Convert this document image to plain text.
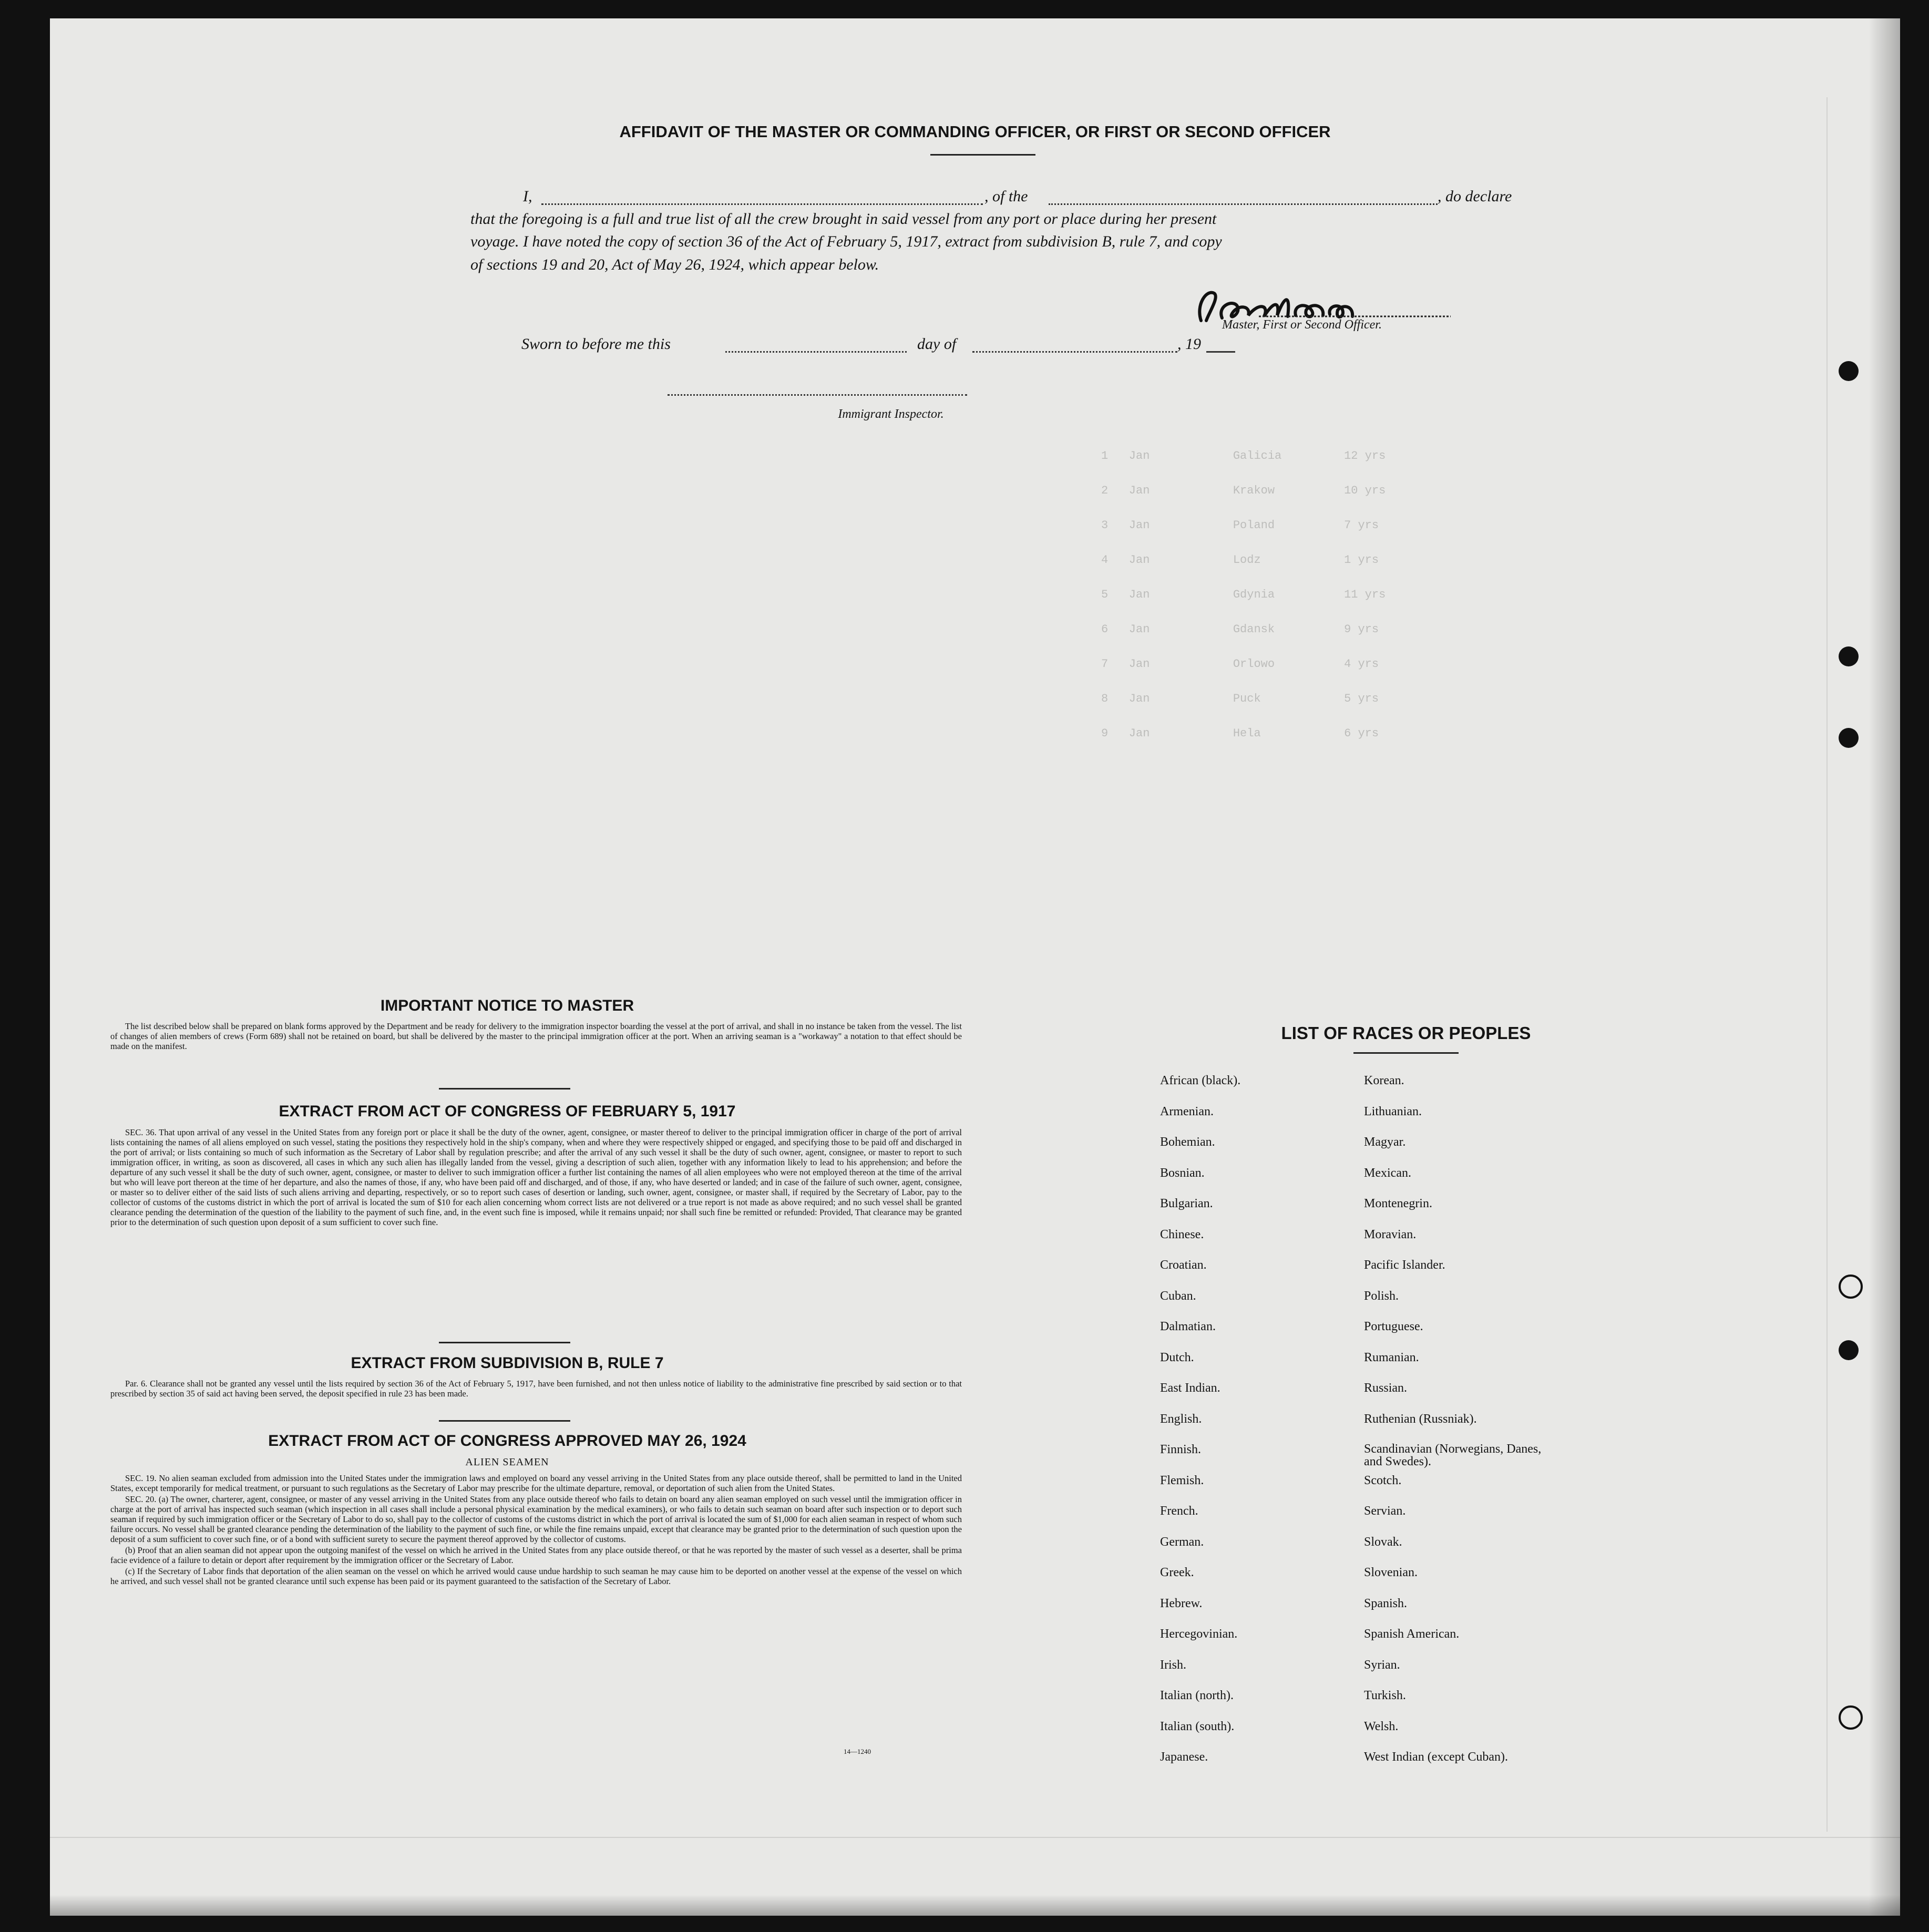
1   Jan            Galicia         12 yrs
2   Jan            Krakow          10 yrs
3   Jan            Poland          7 yrs
4   Jan            Lodz            1 yrs
5   Jan            Gdynia          11 yrs
6   Jan            Gdansk          9 yrs
7   Jan            Orlowo          4 yrs
8   Jan            Puck            5 yrs
9   Jan            Hela            6 yrs
AFFIDAVIT OF THE MASTER OR COMMANDING OFFICER, OR FIRST OR SECOND OFFICER
I,	, of the	, do declare
that the foregoing is a full and true list of all the crew brought in said vessel from any port or place during her present
voyage. I have noted the copy of section 36 of the Act of February 5, 1917, extract from subdivision B, rule 7, and copy
of sections 19 and 20, Act of May 26, 1924, which appear below.
Master, First or Second Officer.
Sworn to before me this	day of	, 19
Immigrant Inspector.
IMPORTANT NOTICE TO MASTER

The list described below shall be prepared on blank forms approved by the Department and be ready for delivery to the immigration inspector boarding the vessel at the port of arrival, and shall in no instance be taken from the vessel. The list of changes of alien members of crews (Form 689) shall not be retained on board, but shall be delivered by the master to the principal immigration officer at the port. When an arriving seaman is a "workaway" a notation to that effect should be made on the manifest.

EXTRACT FROM ACT OF CONGRESS OF FEBRUARY 5, 1917

SEC. 36. That upon arrival of any vessel in the United States from any foreign port or place it shall be the duty of the owner, agent, consignee, or master thereof to deliver to the principal immigration officer in charge of the port of arrival lists containing the names of all aliens employed on such vessel, stating the positions they respectively hold in the ship's company, when and where they were respectively shipped or engaged, and specifying those to be paid off and discharged in the port of arrival; or lists containing so much of such information as the Secretary of Labor shall by regulation prescribe; and after the arrival of any such vessel it shall be the duty of such owner, agent, consignee, or master to report to such immigration officer, in writing, as soon as discovered, all cases in which any such alien has illegally landed from the vessel, giving a description of such alien, together with any information likely to lead to his apprehension; and before the departure of any such vessel it shall be the duty of such owner, agent, consignee, or master to deliver to such immigration officer a further list containing the names of all alien employees who were not employed thereon at the time of the arrival but who will leave port thereon at the time of her departure, and also the names of those, if any, who have been paid off and discharged, and of those, if any, who have deserted or landed; and in case of the failure of such owner, agent, consignee, or master so to deliver either of the said lists of such aliens arriving and departing, respectively, or so to report such cases of desertion or landing, such owner, agent, consignee, or master shall, if required by the Secretary of Labor, pay to the collector of customs of the customs district in which the port of arrival is located the sum of $10 for each alien concerning whom correct lists are not delivered or a true report is not made as above required; and no such vessel shall be granted clearance pending the determination of the question of the liability to the payment of such fine, and, in the event such fine is imposed, while it remains unpaid; nor shall such fine be remitted or refunded: Provided, That clearance may be granted prior to the determination of such question upon deposit of a sum sufficient to cover such fine.

EXTRACT FROM SUBDIVISION B, RULE 7

Par. 6. Clearance shall not be granted any vessel until the lists required by section 36 of the Act of February 5, 1917, have been furnished, and not then unless notice of liability to the administrative fine prescribed by said section or to that prescribed by section 35 of said act having been served, the deposit specified in rule 23 has been made.

EXTRACT FROM ACT OF CONGRESS APPROVED MAY 26, 1924
ALIEN SEAMEN

SEC. 19. No alien seaman excluded from admission into the United States under the immigration laws and employed on board any vessel arriving in the United States from any place outside thereof, shall be permitted to land in the United States, except temporarily for medical treatment, or pursuant to such regulations as the Secretary of Labor may prescribe for the ultimate departure, removal, or deportation of such alien from the United States.

SEC. 20. (a) The owner, charterer, agent, consignee, or master of any vessel arriving in the United States from any place outside thereof who fails to detain on board any alien seaman employed on such vessel until the immigration officer in charge at the port of arrival has inspected such seaman (which inspection in all cases shall include a personal physical examination by the medical examiners), or who fails to detain such seaman on board after such inspection or to deport such seaman if required by such immigration officer or the Secretary of Labor to do so, shall pay to the collector of customs of the customs district in which the port of arrival is located the sum of $1,000 for each alien seaman in respect of whom such failure occurs. No vessel shall be granted clearance pending the determination of the liability to the payment of such fine, or while the fine remains unpaid, except that clearance may be granted prior to the determination of such question upon the deposit of a sum sufficient to cover such fine, or of a bond with sufficient surety to secure the payment thereof approved by the collector of customs.

(b) Proof that an alien seaman did not appear upon the outgoing manifest of the vessel on which he arrived in the United States from any place outside thereof, or that he was reported by the master of such vessel as a deserter, shall be prima facie evidence of a failure to detain or deport after requirement by the immigration officer or the Secretary of Labor.

(c) If the Secretary of Labor finds that deportation of the alien seaman on the vessel on which he arrived would cause undue hardship to such seaman he may cause him to be deported on another vessel at the expense of the vessel on which he arrived, and such vessel shall not be granted clearance until such expense has been paid or its payment guaranteed to the satisfaction of the Secretary of Labor.

14—1240
LIST OF RACES OR PEOPLES
African (black).
Armenian.
Bohemian.
Bosnian.
Bulgarian.
Chinese.
Croatian.
Cuban.
Dalmatian.
Dutch.
East Indian.
English.
Finnish.
Flemish.
French.
German.
Greek.
Hebrew.
Hercegovinian.
Irish.
Italian (north).
Italian (south).
Japanese.
Korean.
Lithuanian.
Magyar.
Mexican.
Montenegrin.
Moravian.
Pacific Islander.
Polish.
Portuguese.
Rumanian.
Russian.
Ruthenian (Russniak).
Scandinavian (Norwegians, Danes, and Swedes).
Scotch.
Servian.
Slovak.
Slovenian.
Spanish.
Spanish American.
Syrian.
Turkish.
Welsh.
West Indian (except Cuban).
